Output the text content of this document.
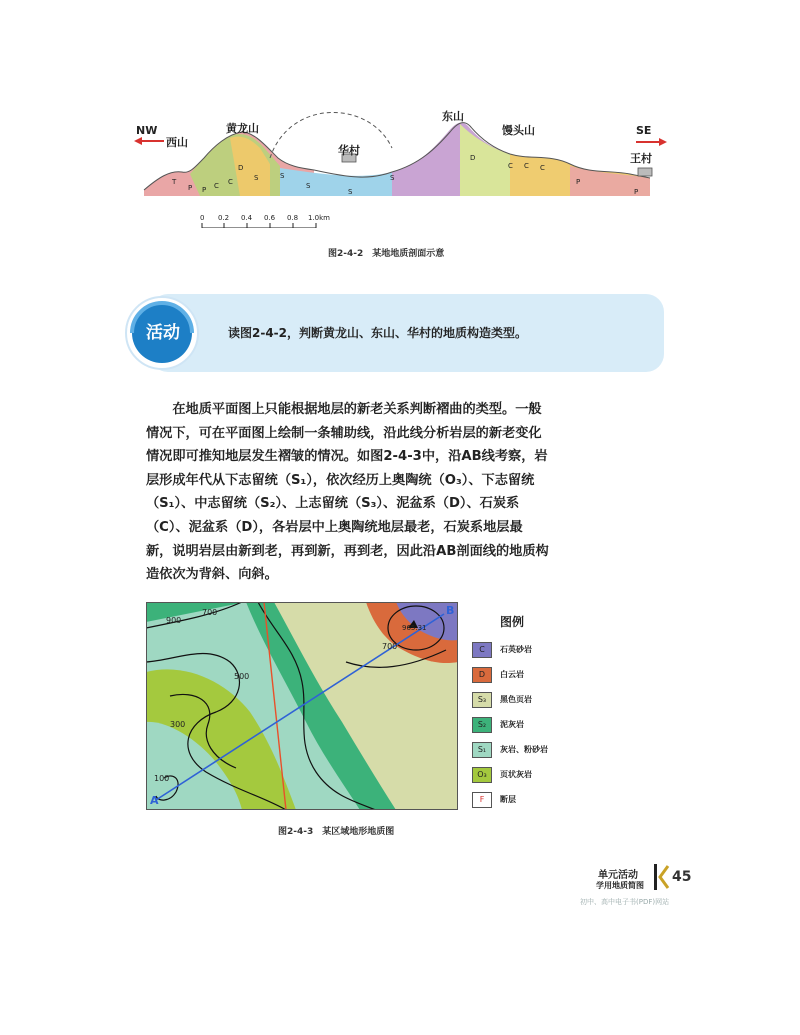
NW	SE
西山
黄龙山
华村
东山
馒头山
王村
T
P P C C
D
S	S
S
S
S
D
C C C
P
P
0 0.2 0.4 0.6 0.8 1.0km
图2-4-2　某地地质剖面示意
活动	读图2-4-2，判断黄龙山、东山、华村的地质构造类型。
　　在地质平面图上只能根据地层的新老关系判断褶曲的类型。一般
情况下，可在平面图上绘制一条辅助线，沿此线分析岩层的新老变化
情况即可推知地层发生褶皱的情况。如图2-4-3中，沿AB线考察，岩
层形成年代从下志留统（S₁），依次经历上奥陶统（O₃）、下志留统
（S₁）、中志留统（S₂）、上志留统（S₃）、泥盆系（D）、石炭系
（C）、泥盆系（D），各岩层中上奥陶统地层最老，石炭系地层最
新，说明岩层由新到老，再到新，再到老，因此沿AB剖面线的地质构
造依次为背斜、向斜。
900
700
500
300
100
700
965.31
A
B
图例
C	石英砂岩
D	白云岩
S₃	黑色页岩
S₂	泥灰岩
S₁	灰岩、粉砂岩
O₃	页状灰岩
F	断层
图2-4-3　某区域地形地质图
单元活动
学用地质简图
45
初中、高中电子书(PDF)网站
